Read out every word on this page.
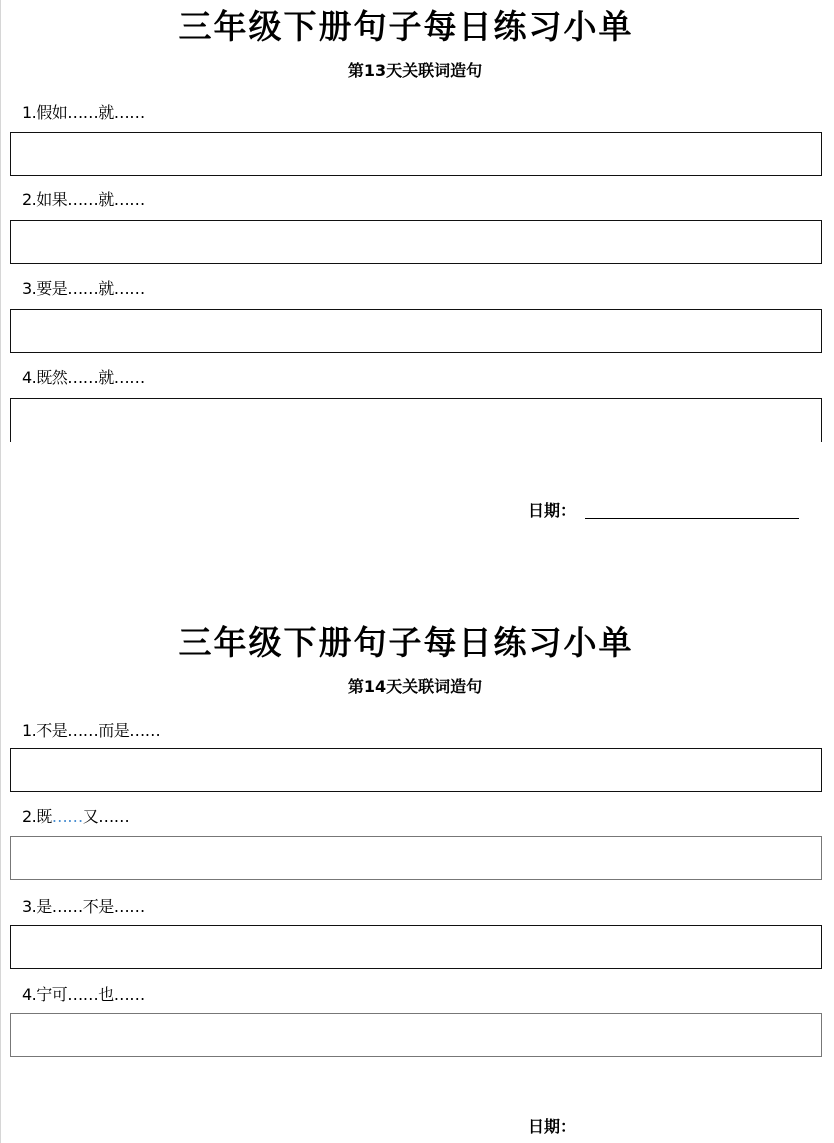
三年级下册句子每日练习小单
第13天关联词造句
1.假如……就……
2.如果……就……
3.要是……就……
4.既然……就……
日期：
三年级下册句子每日练习小单
第14天关联词造句
1.不是……而是……
2.既……又……
3.是……不是……
4.宁可……也……
日期：
